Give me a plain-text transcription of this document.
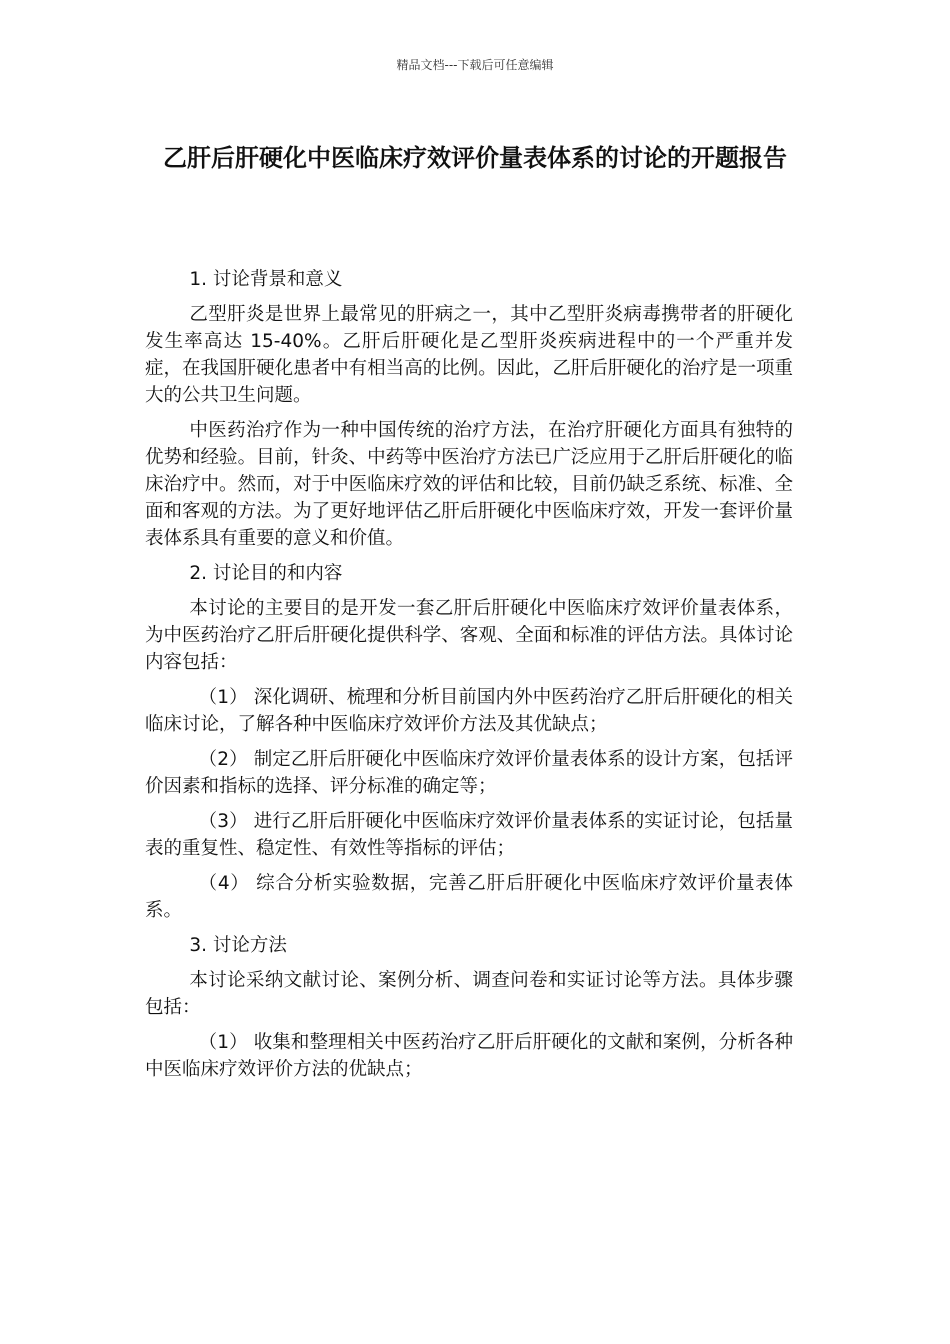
精品文档---下载后可任意编辑
乙肝后肝硬化中医临床疗效评价量表体系的讨论的开题报告

1. 讨论背景和意义

乙型肝炎是世界上最常见的肝病之一，其中乙型肝炎病毒携带者的肝硬化发生率高达 15-40%。乙肝后肝硬化是乙型肝炎疾病进程中的一个严重并发症，在我国肝硬化患者中有相当高的比例。因此，乙肝后肝硬化的治疗是一项重大的公共卫生问题。

中医药治疗作为一种中国传统的治疗方法，在治疗肝硬化方面具有独特的优势和经验。目前，针灸、中药等中医治疗方法已广泛应用于乙肝后肝硬化的临床治疗中。然而，对于中医临床疗效的评估和比较，目前仍缺乏系统、标准、全面和客观的方法。为了更好地评估乙肝后肝硬化中医临床疗效，开发一套评价量表体系具有重要的意义和价值。

2. 讨论目的和内容

本讨论的主要目的是开发一套乙肝后肝硬化中医临床疗效评价量表体系，为中医药治疗乙肝后肝硬化提供科学、客观、全面和标准的评估方法。具体讨论内容包括：

（1） 深化调研、梳理和分析目前国内外中医药治疗乙肝后肝硬化的相关临床讨论，了解各种中医临床疗效评价方法及其优缺点；

（2） 制定乙肝后肝硬化中医临床疗效评价量表体系的设计方案，包括评价因素和指标的选择、评分标准的确定等；

（3） 进行乙肝后肝硬化中医临床疗效评价量表体系的实证讨论，包括量表的重复性、稳定性、有效性等指标的评估；

（4） 综合分析实验数据，完善乙肝后肝硬化中医临床疗效评价量表体系。

3. 讨论方法

本讨论采纳文献讨论、案例分析、调查问卷和实证讨论等方法。具体步骤包括：

（1） 收集和整理相关中医药治疗乙肝后肝硬化的文献和案例，分析各种中医临床疗效评价方法的优缺点；
